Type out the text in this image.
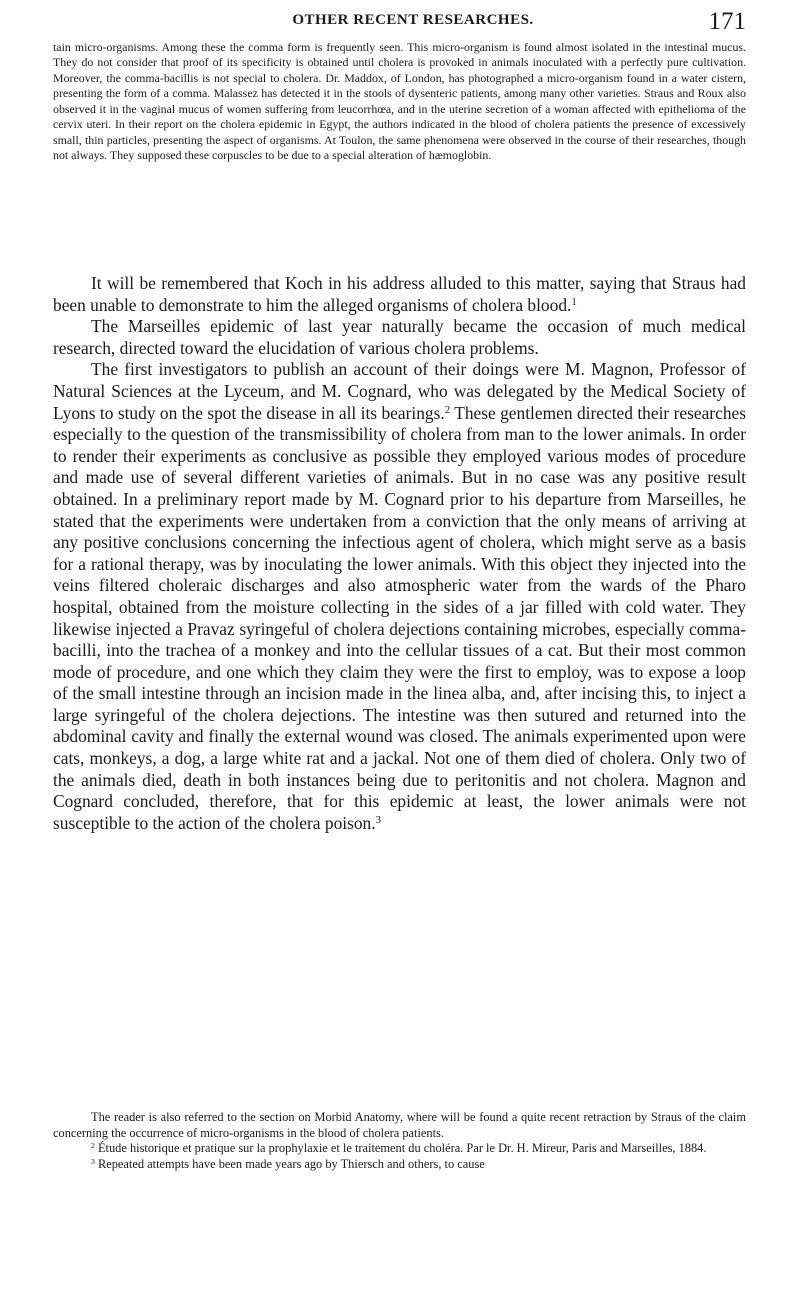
OTHER RECENT RESEARCHES.	171

tain micro-organisms. Among these the comma form is frequently seen. This micro-organism is found almost isolated in the intestinal mucus. They do not consider that proof of its specificity is obtained until cholera is provoked in animals inoculated with a perfectly pure cultivation. Moreover, the comma-bacillis is not special to cholera. Dr. Maddox, of London, has photographed a micro-organism found in a water cistern, presenting the form of a comma. Malassez has detected it in the stools of dysenteric patients, among many other varieties. Straus and Roux also observed it in the vaginal mucus of women suffering from leucorrhœa, and in the uterine secretion of a woman affected with epithelioma of the cervix uteri. In their report on the cholera epidemic in Egypt, the authors indicated in the blood of cholera patients the presence of excessively small, thin particles, presenting the aspect of organisms. At Toulon, the same phenomena were observed in the course of their researches, though not always. They supposed these corpuscles to be due to a special alteration of hæmoglobin.

It will be remembered that Koch in his address alluded to this matter, saying that Straus had been unable to demonstrate to him the alleged organisms of cholera blood.$^1$

The Marseilles epidemic of last year naturally became the occasion of much medical research, directed toward the elucidation of various cholera problems.

The first investigators to publish an account of their doings were M. Magnon, Professor of Natural Sciences at the Lyceum, and M. Cognard, who was delegated by the Medical Society of Lyons to study on the spot the disease in all its bearings.$^2$ These gentlemen directed their researches especially to the question of the transmissibility of cholera from man to the lower animals. In order to render their experiments as conclusive as possible they employed various modes of procedure and made use of several different varieties of animals. But in no case was any positive result obtained. In a preliminary report made by M. Cognard prior to his departure from Marseilles, he stated that the experiments were undertaken from a conviction that the only means of arriving at any positive conclusions concerning the infectious agent of cholera, which might serve as a basis for a rational therapy, was by inoculating the lower animals. With this object they injected into the veins filtered choleraic discharges and also atmospheric water from the wards of the Pharo hospital, obtained from the moisture collecting in the sides of a jar filled with cold water. They likewise injected a Pravaz syringeful of cholera dejections containing microbes, especially comma-bacilli, into the trachea of a monkey and into the cellular tissues of a cat. But their most common mode of procedure, and one which they claim they were the first to employ, was to expose a loop of the small intestine through an incision made in the linea alba, and, after incising this, to inject a large syringeful of the cholera dejections. The intestine was then sutured and returned into the abdominal cavity and finally the external wound was closed. The animals experimented upon were cats, monkeys, a dog, a large white rat and a jackal. Not one of them died of cholera. Only two of the animals died, death in both instances being due to peritonitis and not cholera. Magnon and Cognard concluded, therefore, that for this epidemic at least, the lower animals were not susceptible to the action of the cholera poison.$^3$

The reader is also referred to the section on Morbid Anatomy, where will be found a quite recent retraction by Straus of the claim concerning the occurrence of micro-organisms in the blood of cholera patients.

$^2$ Étude historique et pratique sur la prophylaxie et le traitement du choléra. Par le Dr. H. Mireur, Paris and Marseilles, 1884.

$^3$ Repeated attempts have been made years ago by Thiersch and others, to cause
